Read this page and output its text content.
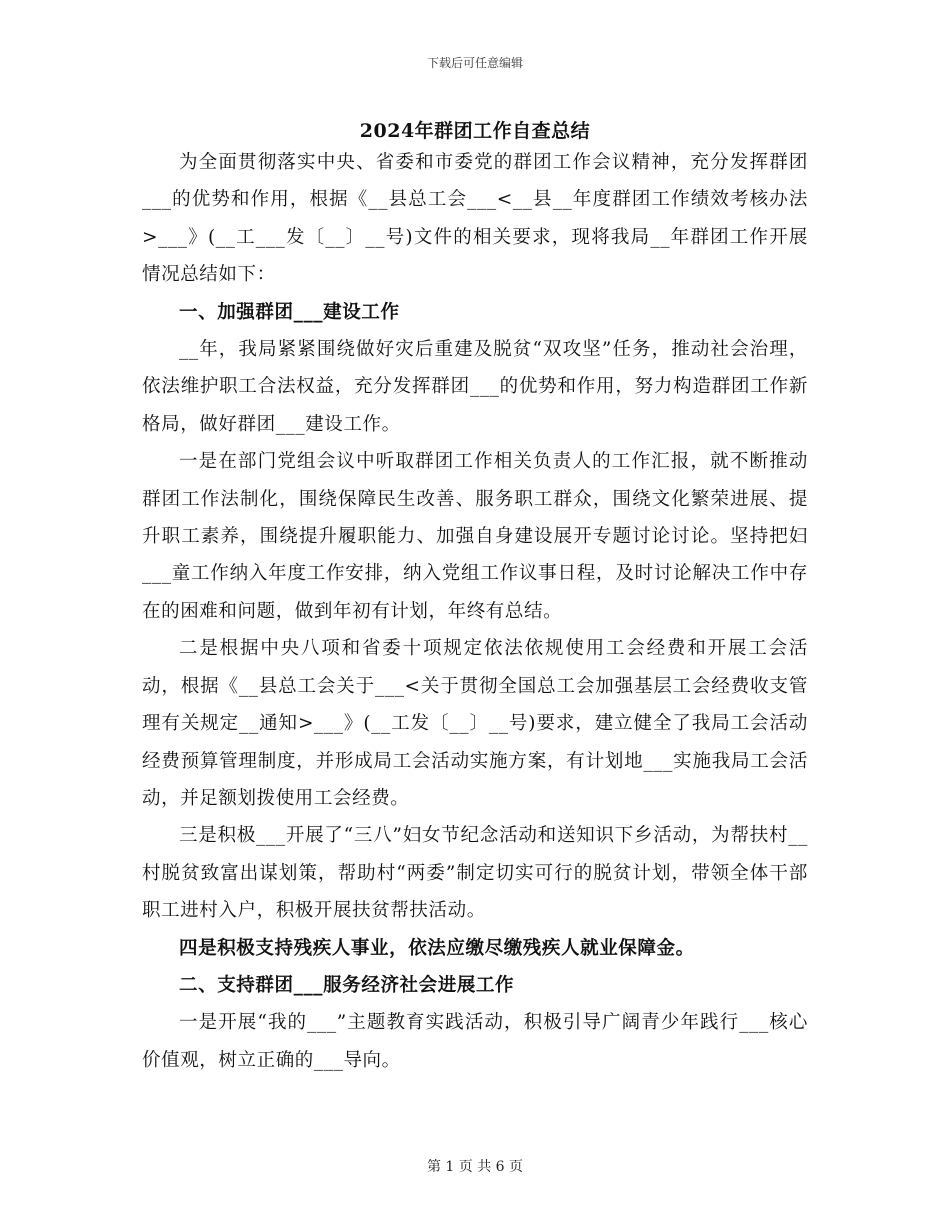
下载后可任意编辑
2024年群团工作自查总结

为全面贯彻落实中央、省委和市委党的群团工作会议精神，充分发挥群团___的优势和作用，根据《__县总工会___<__县__年度群团工作绩效考核办法>___》(__工___发〔__〕__号)文件的相关要求，现将我局__年群团工作开展情况总结如下：

一、加强群团___建设工作

__年，我局紧紧围绕做好灾后重建及脱贫“双攻坚”任务，推动社会治理，依法维护职工合法权益，充分发挥群团___的优势和作用，努力构造群团工作新格局，做好群团___建设工作。

一是在部门党组会议中听取群团工作相关负责人的工作汇报，就不断推动群团工作法制化，围绕保障民生改善、服务职工群众，围绕文化繁荣进展、提升职工素养，围绕提升履职能力、加强自身建设展开专题讨论讨论。坚持把妇___童工作纳入年度工作安排，纳入党组工作议事日程，及时讨论解决工作中存在的困难和问题，做到年初有计划，年终有总结。

二是根据中央八项和省委十项规定依法依规使用工会经费和开展工会活动，根据《__县总工会关于___<关于贯彻全国总工会加强基层工会经费收支管理有关规定__通知>___》(__工发〔__〕__号)要求，建立健全了我局工会活动经费预算管理制度，并形成局工会活动实施方案，有计划地___实施我局工会活动，并足额划拨使用工会经费。

三是积极___开展了“三八”妇女节纪念活动和送知识下乡活动，为帮扶村__村脱贫致富出谋划策，帮助村“两委”制定切实可行的脱贫计划，带领全体干部职工进村入户，积极开展扶贫帮扶活动。

四是积极支持残疾人事业，依法应缴尽缴残疾人就业保障金。

二、支持群团___服务经济社会进展工作

一是开展“我的___”主题教育实践活动，积极引导广阔青少年践行___核心价值观，树立正确的___导向。

第 1 页 共 6 页
